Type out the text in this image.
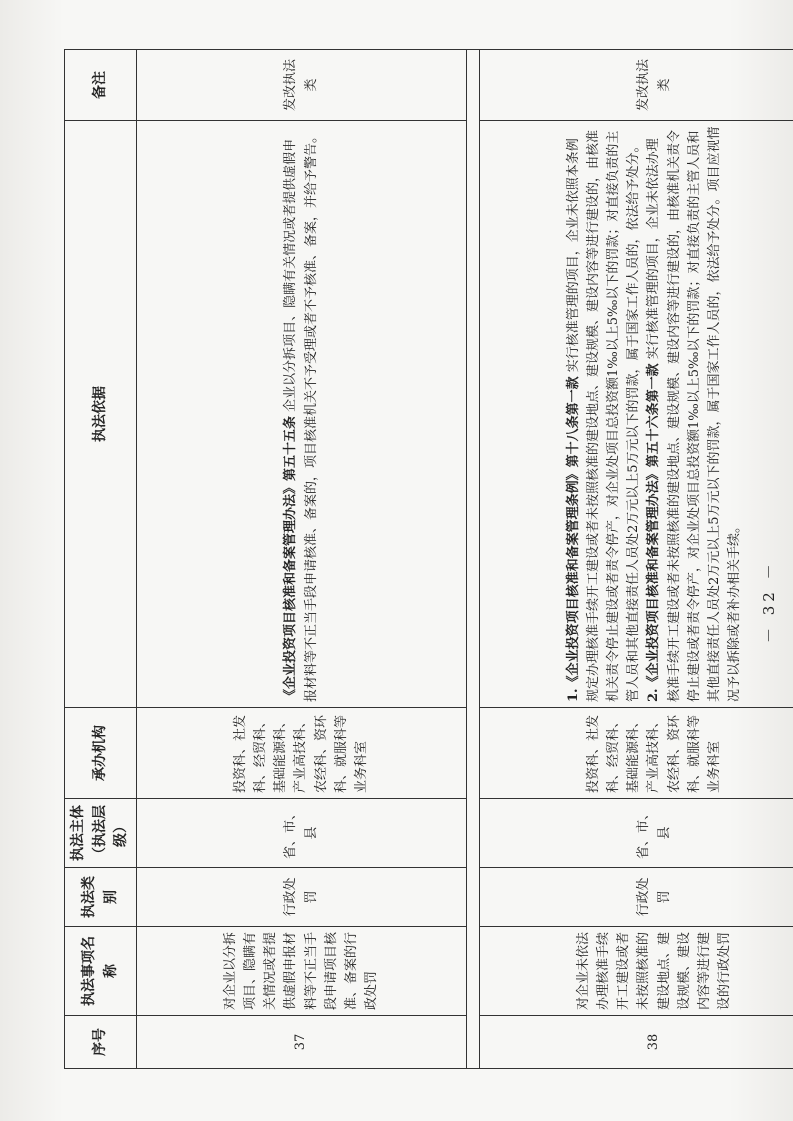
序号	执法事项名称	执法类别	执法主体（执法层级）	承办机构	执法依据	备注
37	对企业以分拆项目、隐瞒有关情况或者提供虚假申报材料等不正当手段申请项目核准、备案的行政处罚	行政处罚	省、市、县	投资科、社发科、经贸科、基础能源科、产业高技科、农经科、资环科、就服科等业务科室	《企业投资项目核准和备案管理办法》第五十五条 企业以分拆项目、隐瞒有关情况或者提供虚假申报材料等不正当手段申请核准、备案的，项目核准机关不予受理或者不予核准、备案，并给予警告。	发改执法类

38	对企业未依法办理核准手续开工建设或者未按照核准的建设地点、建设规模、建设内容等进行建设的行政处罚	行政处罚	省、市、县	投资科、社发科、经贸科、基础能源科、产业高技科、农经科、资环科、就服科等业务科室	1.《企业投资项目核准和备案管理条例》第十八条第一款 实行核准管理的项目，企业未依照本条例规定办理核准手续开工建设或者未按照核准的建设地点、建设规模、建设内容等进行建设的，由核准机关责令停止建设或者责令停产，对企业处项目总投资额1‰以上5‰以下的罚款；对直接负责的主管人员和其他直接责任人员处2万元以上5万元以下的罚款，属于国家工作人员的，依法给予处分。 2.《企业投资项目核准和备案管理办法》第五十六条第一款 实行核准管理的项目，企业未依法办理核准手续开工建设或者未按照核准的建设地点、建设规模、建设内容等进行建设的，由核准机关责令停止建设或者责令停产，对企业处项目总投资额1‰以上5‰以下的罚款；对直接负责的主管人员和其他直接责任人员处2万元以上5万元以下的罚款，属于国家工作人员的，依法给予处分。项目应视情况予以拆除或者补办相关手续。	发改执法类
－ 32 －
